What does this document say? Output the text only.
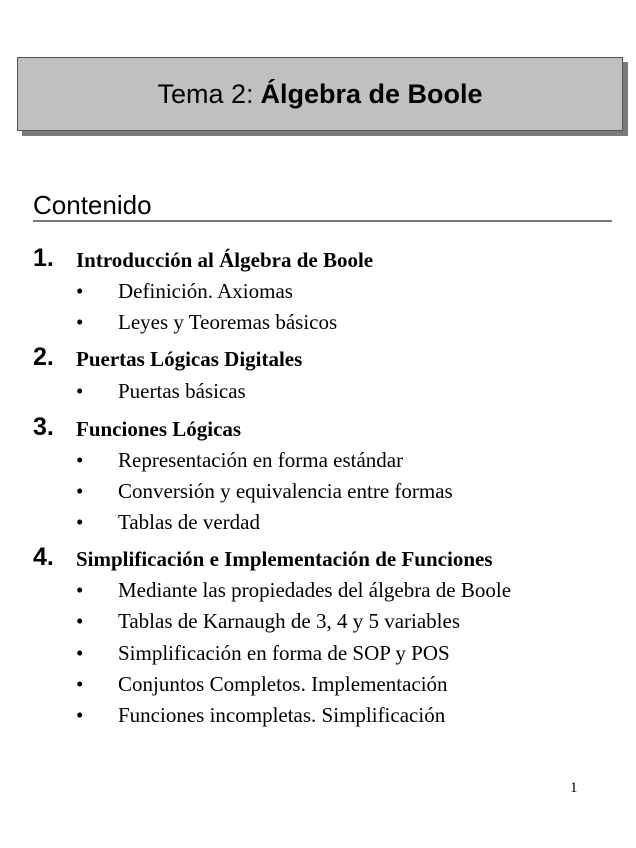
Tema 2: Álgebra de Boole
Contenido
1. Introducción al Álgebra de Boole
• Definición. Axiomas
• Leyes y Teoremas básicos
2. Puertas Lógicas Digitales
• Puertas básicas
3. Funciones Lógicas
• Representación en forma estándar
• Conversión y equivalencia entre formas
• Tablas de verdad
4. Simplificación e Implementación de Funciones
• Mediante las propiedades del álgebra de Boole
• Tablas de Karnaugh de 3, 4 y 5 variables
• Simplificación en forma de SOP y POS
• Conjuntos Completos. Implementación
• Funciones incompletas. Simplificación
1
